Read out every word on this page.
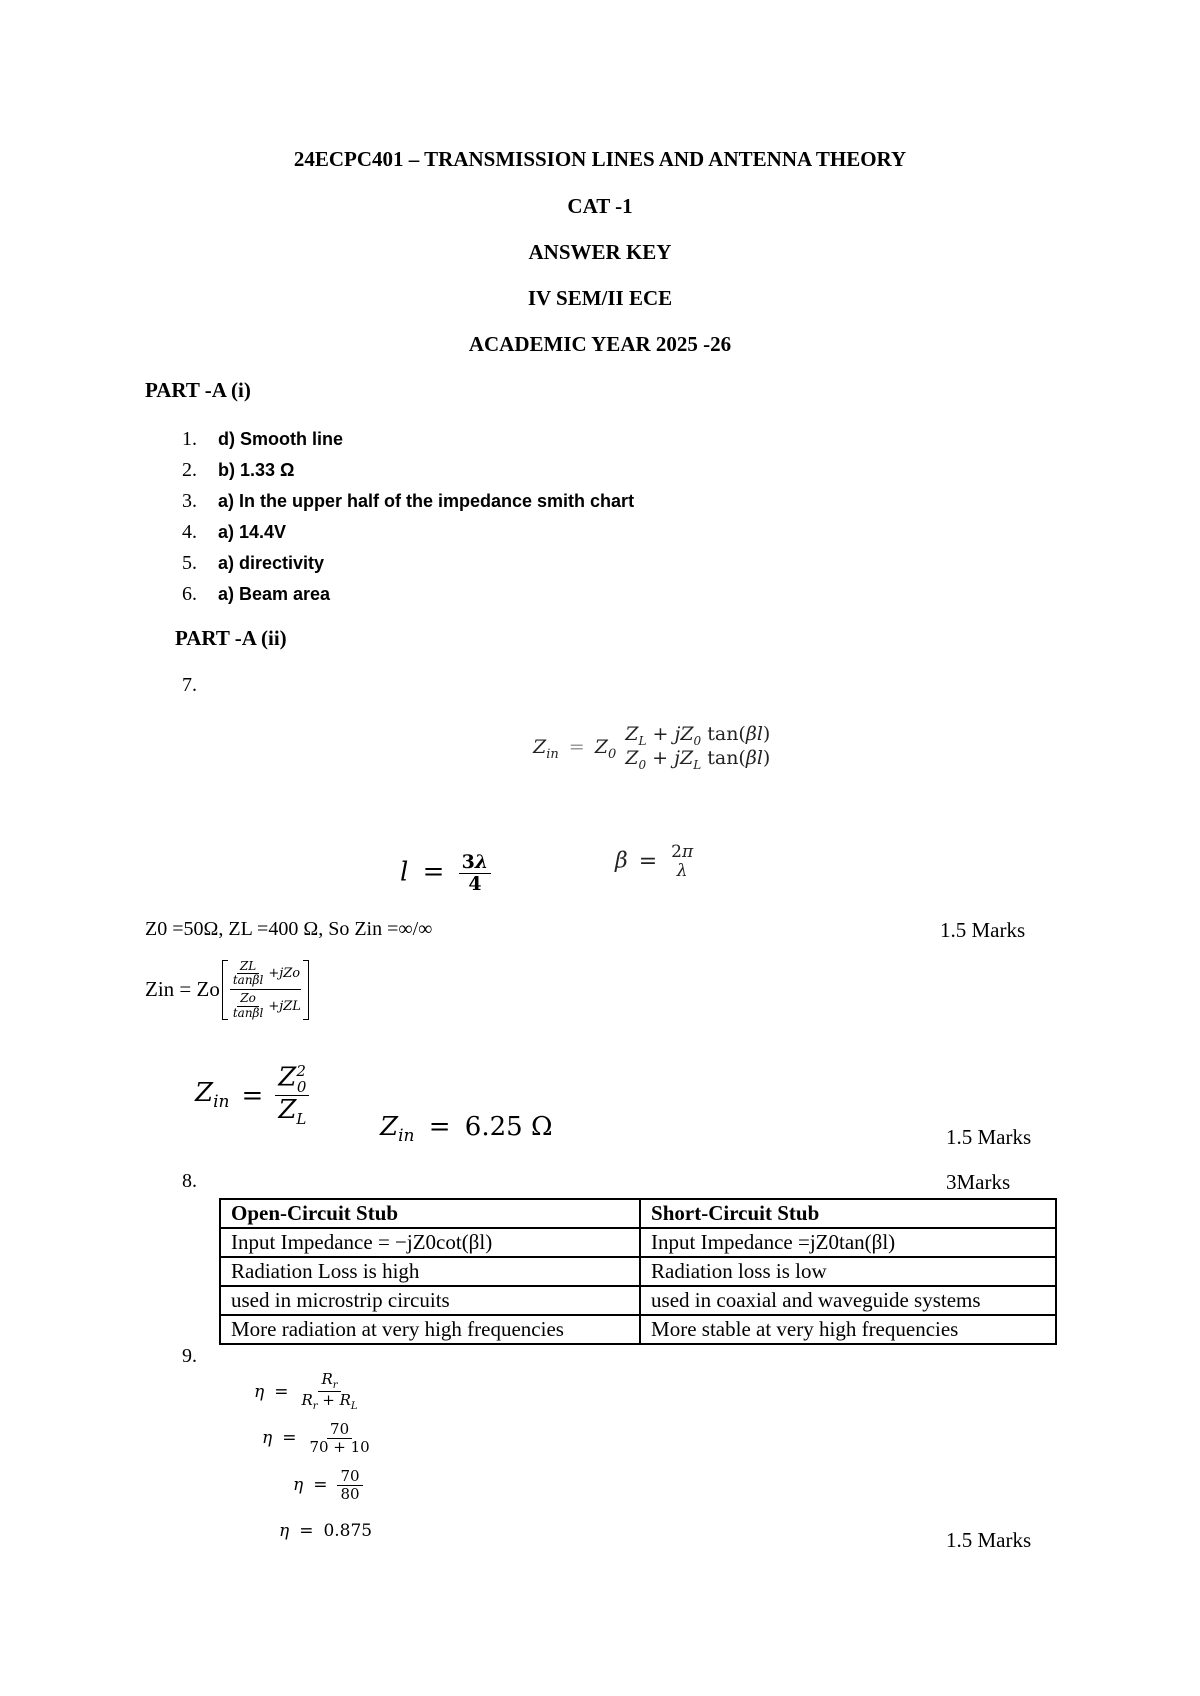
24ECPC401 – TRANSMISSION LINES AND ANTENNA THEORY
CAT -1
ANSWER KEY
IV SEM/II ECE
ACADEMIC YEAR 2025 -26
PART -A (i)
1.	d) Smooth line
2.	b) 1.33 Ω
3.	a) In the upper half of the impedance smith chart
4.	a) 14.4V
5.	a) directivity
6.	a) Beam area
PART -A (ii)
7.
$Z_{in} = Z_0$
$Z_L + jZ_0$ tan(βl)
$Z_0 + jZ_L$ tan(βl)
$l = \frac{3\lambda}{4}$	β = 2π
λ
Z0 =50Ω, ZL =400 Ω, So Zin =∞/∞	1.5 Marks
Zin = Zo
$\frac{ZL}{\tan\beta l} +jZo$
$\frac{Zo}{\tan\beta l} +jZL$
$Z_{in} = \frac{Z^2_0}{Z_L}$	$Z_{in} = 6.25$ Ω	1.5 Marks
8.	3Marks
Open-Circuit Stub	Short-Circuit Stub
Input Impedance = −jZ0cot(βl)	Input Impedance =jZ0tan(βl)
Radiation Loss is high	Radiation loss is low
used in microstrip circuits	used in coaxial and waveguide systems
More radiation at very high frequencies	More stable at very high frequencies
9.
$\eta = \frac{R_r}{R_r + R_L}$
$\eta = \frac{70}{70 + 10}$
$\eta = \frac{70}{80}$
η = 0.875	1.5 Marks
